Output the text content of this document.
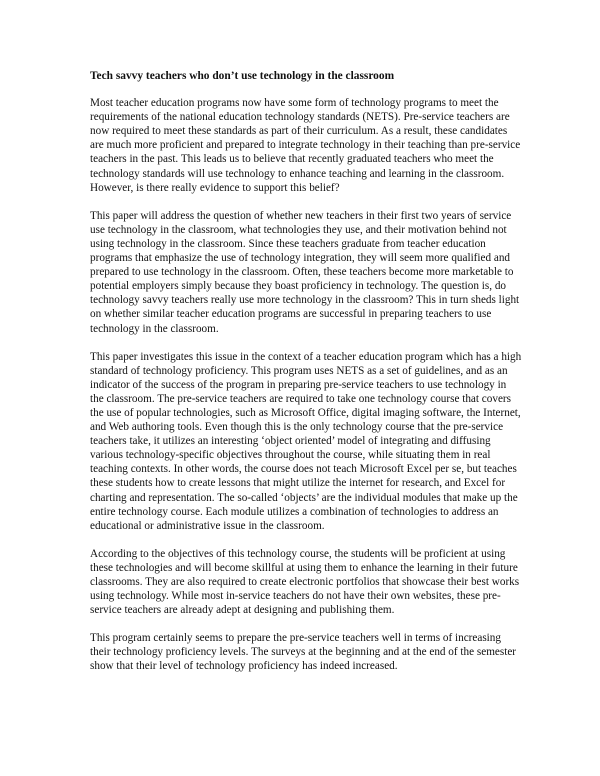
Tech savvy teachers who don’t use technology in the classroom

Most teacher education programs now have some form of technology programs to meet the requirements of the national education technology standards (NETS). Pre-service teachers are now required to meet these standards as part of their curriculum. As a result, these candidates are much more proficient and prepared to integrate technology in their teaching than pre-service teachers in the past. This leads us to believe that recently graduated teachers who meet the technology standards will use technology to enhance teaching and learning in the classroom. However, is there really evidence to support this belief?

This paper will address the question of whether new teachers in their first two years of service use technology in the classroom, what technologies they use, and their motivation behind not using technology in the classroom. Since these teachers graduate from teacher education programs that emphasize the use of technology integration, they will seem more qualified and prepared to use technology in the classroom. Often, these teachers become more marketable to potential employers simply because they boast proficiency in technology. The question is, do technology savvy teachers really use more technology in the classroom? This in turn sheds light on whether similar teacher education programs are successful in preparing teachers to use technology in the classroom.

This paper investigates this issue in the context of a teacher education program which has a high standard of technology proficiency. This program uses NETS as a set of guidelines, and as an indicator of the success of the program in preparing pre-service teachers to use technology in the classroom. The pre-service teachers are required to take one technology course that covers the use of popular technologies, such as Microsoft Office, digital imaging software, the Internet, and Web authoring tools. Even though this is the only technology course that the pre-service teachers take, it utilizes an interesting ‘object oriented’ model of integrating and diffusing various technology-specific objectives throughout the course, while situating them in real teaching contexts. In other words, the course does not teach Microsoft Excel per se, but teaches these students how to create lessons that might utilize the internet for research, and Excel for charting and representation. The so-called ‘objects’ are the individual modules that make up the entire technology course. Each module utilizes a combination of technologies to address an educational or administrative issue in the classroom.

According to the objectives of this technology course, the students will be proficient at using these technologies and will become skillful at using them to enhance the learning in their future classrooms. They are also required to create electronic portfolios that showcase their best works using technology. While most in-service teachers do not have their own websites, these pre-service teachers are already adept at designing and publishing them.

This program certainly seems to prepare the pre-service teachers well in terms of increasing their technology proficiency levels. The surveys at the beginning and at the end of the semester show that their level of technology proficiency has indeed increased.
